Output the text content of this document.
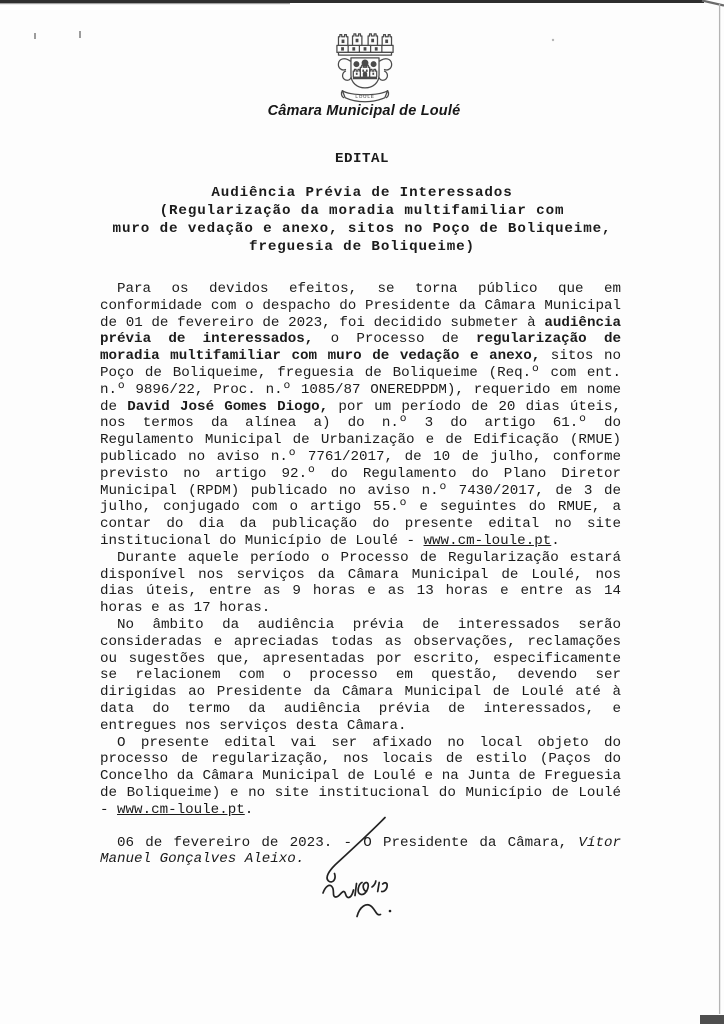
LOULÉ
Câmara Municipal de Loulé
EDITAL
Audiência Prévia de Interessados
(Regularização da moradia multifamiliar com
muro de vedação e anexo, sitos no Poço de Boliqueime,
freguesia de Boliqueime)

Para os devidos efeitos, se torna público que em conformidade com o despacho do Presidente da Câmara Municipal de 01 de fevereiro de 2023, foi decidido submeter à audiência prévia de interessados, o Processo de regularização de moradia multifamiliar com muro de vedação e anexo, sitos no Poço de Boliqueime, freguesia de Boliqueime (Req.º com ent. n.º 9896/22, Proc. n.º 1085/87 ONEREDPDM), requerido em nome de David José Gomes Diogo, por um período de 20 dias úteis, nos termos da alínea a) do n.º 3 do artigo 61.º do Regulamento Municipal de Urbanização e de Edificação (RMUE) publicado no aviso n.º 7761/2017, de 10 de julho, conforme previsto no artigo 92.º do Regulamento do Plano Diretor Municipal (RPDM) publicado no aviso n.º 7430/2017, de 3 de julho, conjugado com o artigo 55.º e seguintes do RMUE, a contar do dia da publicação do presente edital no site institucional do Município de Loulé - www.cm-loule.pt.

Durante aquele período o Processo de Regularização estará disponível nos serviços da Câmara Municipal de Loulé, nos dias úteis, entre as 9 horas e as 13 horas e entre as 14 horas e as 17 horas.

No âmbito da audiência prévia de interessados serão consideradas e apreciadas todas as observações, reclamações ou sugestões que, apresentadas por escrito, especificamente se relacionem com o processo em questão, devendo ser dirigidas ao Presidente da Câmara Municipal de Loulé até à data do termo da audiência prévia de interessados, e entregues nos serviços desta Câmara.

O presente edital vai ser afixado no local objeto do processo de regularização, nos locais de estilo (Paços do Concelho da Câmara Municipal de Loulé e na Junta de Freguesia de Boliqueime) e no site institucional do Município de Loulé - www.cm-loule.pt.

06 de fevereiro de 2023. - O Presidente da Câmara, Vítor Manuel Gonçalves Aleixo.
